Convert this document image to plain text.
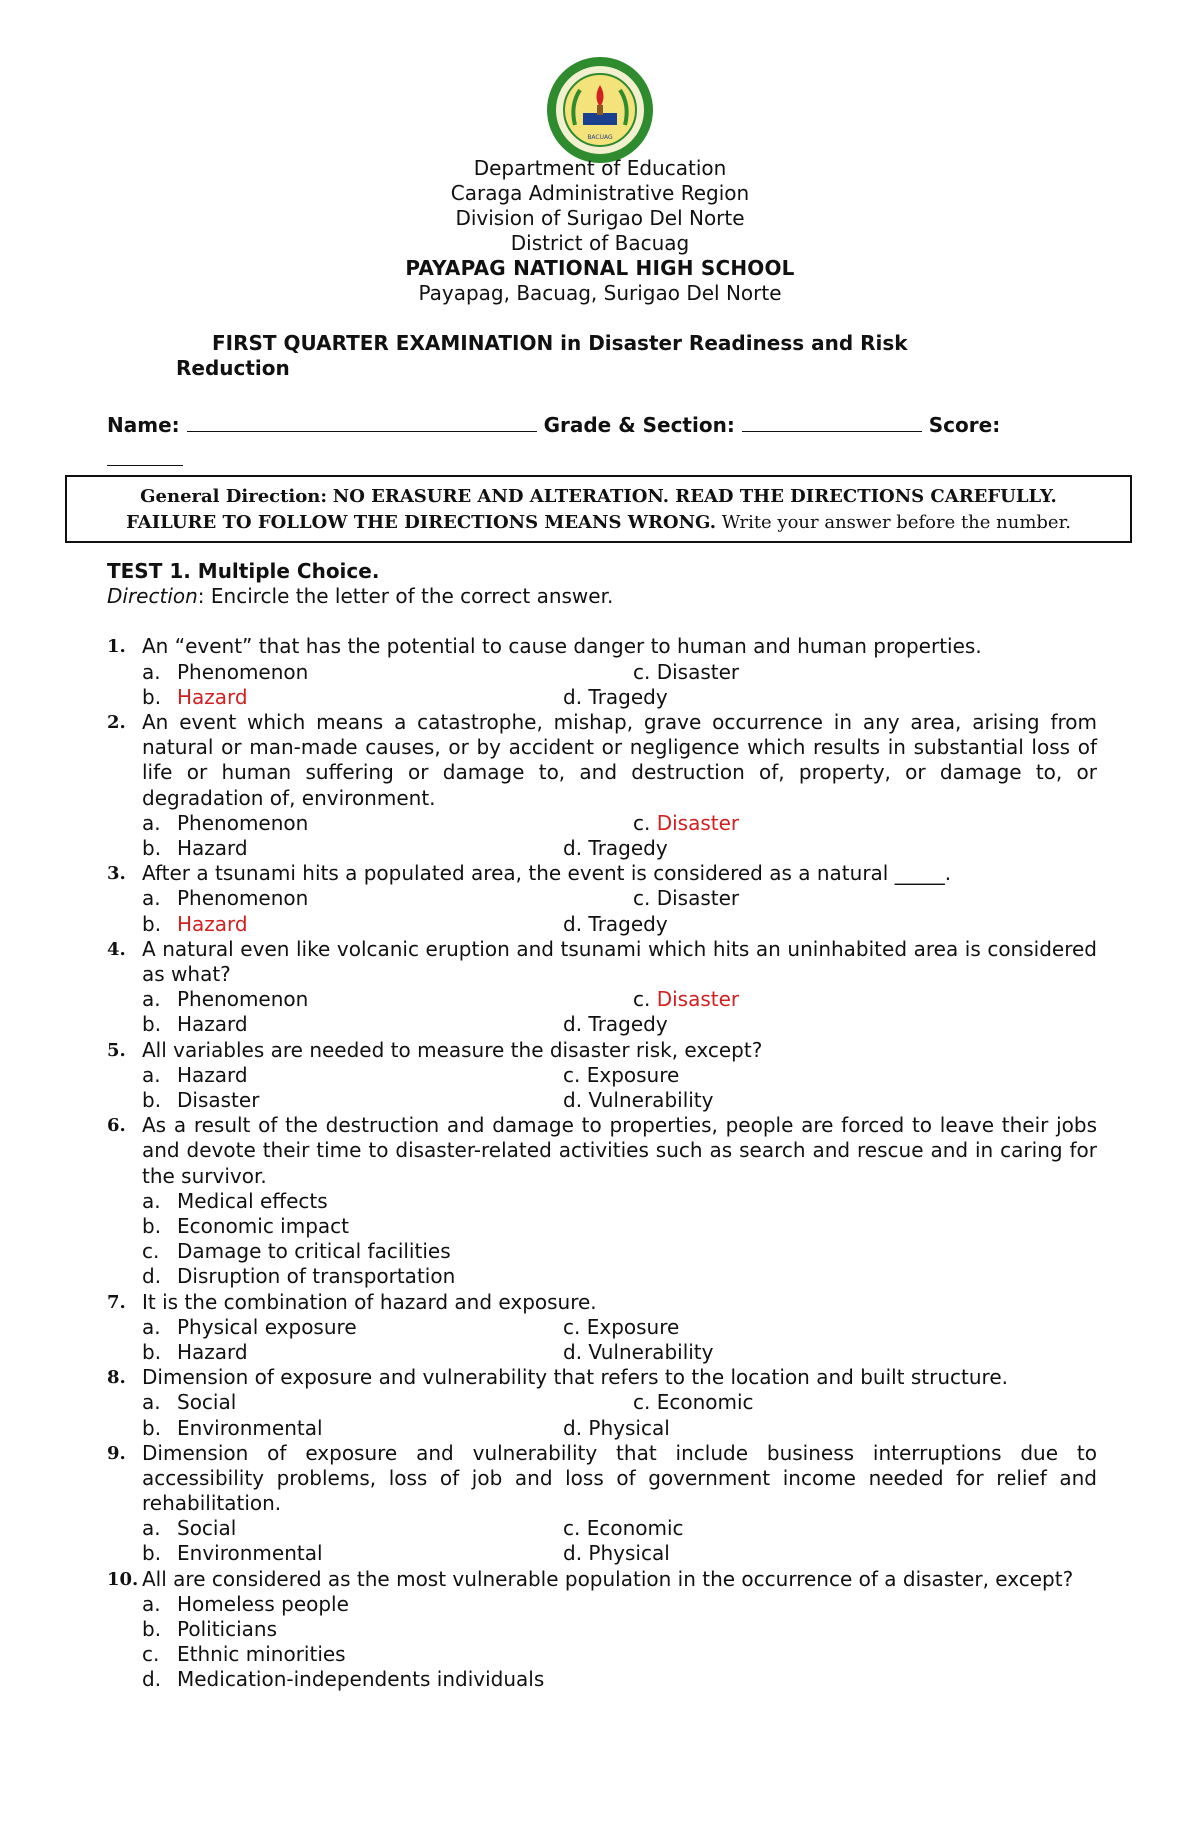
BACUAG
Department of Education
Caraga Administrative Region
Division of Surigao Del Norte
District of Bacuag
PAYAPAG NATIONAL HIGH SCHOOL
Payapag, Bacuag, Surigao Del Norte
FIRST QUARTER EXAMINATION in Disaster Readiness and Risk
Reduction
Name:	Grade & Section:	Score:

General Direction: NO ERASURE AND ALTERATION. READ THE DIRECTIONS CAREFULLY.
FAILURE TO FOLLOW THE DIRECTIONS MEANS WRONG. Write your answer before the number.
TEST 1. Multiple Choice.
Direction: Encircle the letter of the correct answer.
1. An “event” that has the potential to cause danger to human and human properties.
a. Phenomenon	c. Disaster
b. Hazard	d. Tragedy
2. An event which means a catastrophe, mishap, grave occurrence in any area, arising from natural or man-made causes, or by accident or negligence which results in substantial loss of life or human suffering or damage to, and destruction of, property, or damage to, or degradation of, environment.
a. Phenomenon	c. Disaster
b. Hazard	d. Tragedy
3. After a tsunami hits a populated area, the event is considered as a natural _____.
a. Phenomenon	c. Disaster
b. Hazard	d. Tragedy
4. A natural even like volcanic eruption and tsunami which hits an uninhabited area is considered as what?
a. Phenomenon	c. Disaster
b. Hazard	d. Tragedy
5. All variables are needed to measure the disaster risk, except?
a. Hazard	c. Exposure
b. Disaster	d. Vulnerability
6. As a result of the destruction and damage to properties, people are forced to leave their jobs and devote their time to disaster-related activities such as search and rescue and in caring for the survivor.
a. Medical effects
b. Economic impact
c. Damage to critical facilities
d. Disruption of transportation
7. It is the combination of hazard and exposure.
a. Physical exposure	c. Exposure
b. Hazard	d. Vulnerability
8. Dimension of exposure and vulnerability that refers to the location and built structure.
a. Social	c. Economic
b. Environmental	d. Physical
9. Dimension of exposure and vulnerability that include business interruptions due to accessibility problems, loss of job and loss of government income needed for relief and rehabilitation.
a. Social	c. Economic
b. Environmental	d. Physical
10. All are considered as the most vulnerable population in the occurrence of a disaster, except?
a. Homeless people
b. Politicians
c. Ethnic minorities
d. Medication-independents individuals
